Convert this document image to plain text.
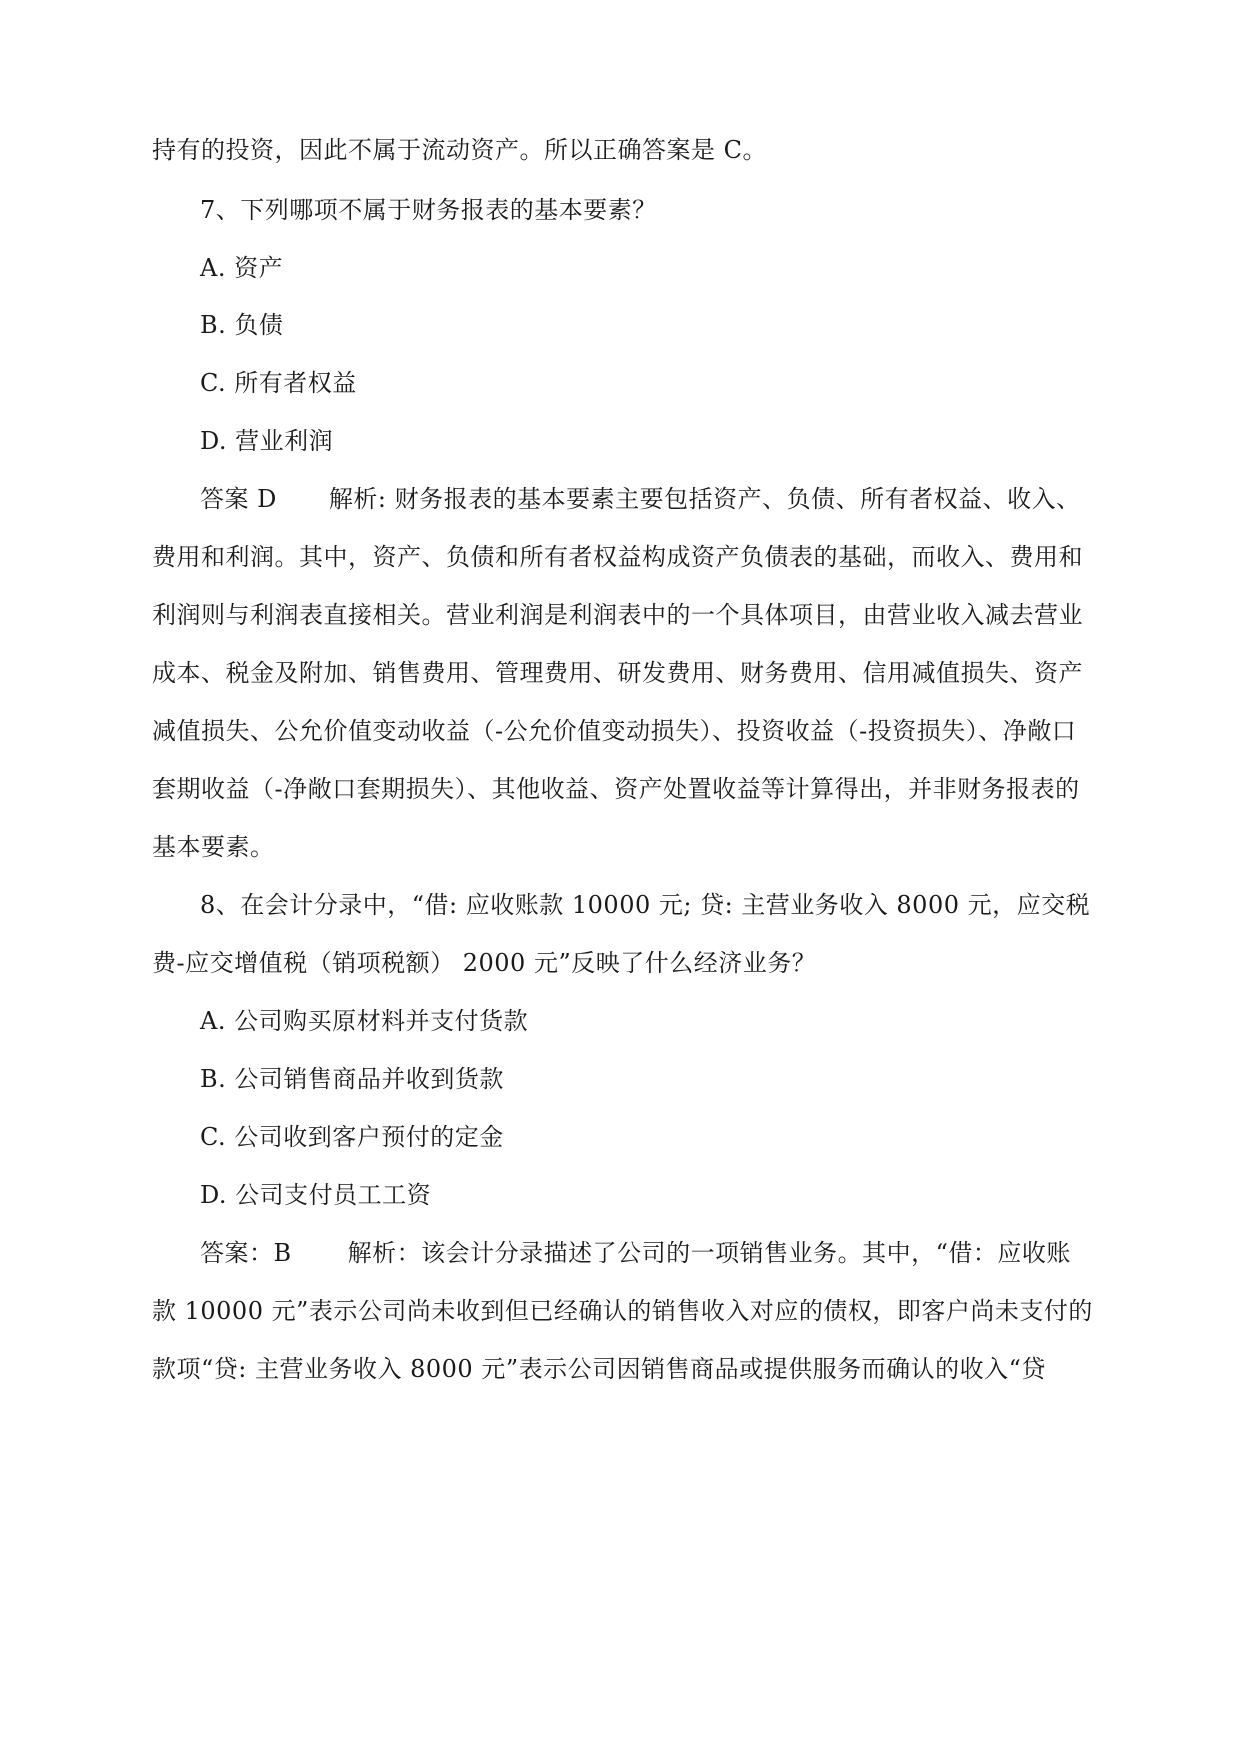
持有的投资，因此不属于流动资产。所以正确答案是 C。
7、下列哪项不属于财务报表的基本要素？
A. 资产
B. 负债
C. 所有者权益
D. 营业利润
答案 D 解析: 财务报表的基本要素主要包括资产、负债、所有者权益、收入、
费用和利润。其中，资产、负债和所有者权益构成资产负债表的基础，而收入、费用和
利润则与利润表直接相关。营业利润是利润表中的一个具体项目，由营业收入减去营业
成本、税金及附加、销售费用、管理费用、研发费用、财务费用、信用减值损失、资产
减值损失、公允价值变动收益（-公允价值变动损失）、投资收益（-投资损失）、净敞口
套期收益（-净敞口套期损失）、其他收益、资产处置收益等计算得出，并非财务报表的
基本要素。
8、在会计分录中，“借: 应收账款 10000 元; 贷: 主营业务收入 8000 元，应交税
费-应交增值税（销项税额） 2000 元”反映了什么经济业务？
A. 公司购买原材料并支付货款
B. 公司销售商品并收到货款
C. 公司收到客户预付的定金
D. 公司支付员工工资
答案：B 解析：该会计分录描述了公司的一项销售业务。其中，“借：应收账
款 10000 元”表示公司尚未收到但已经确认的销售收入对应的债权，即客户尚未支付的
款项“贷: 主营业务收入 8000 元”表示公司因销售商品或提供服务而确认的收入“贷
